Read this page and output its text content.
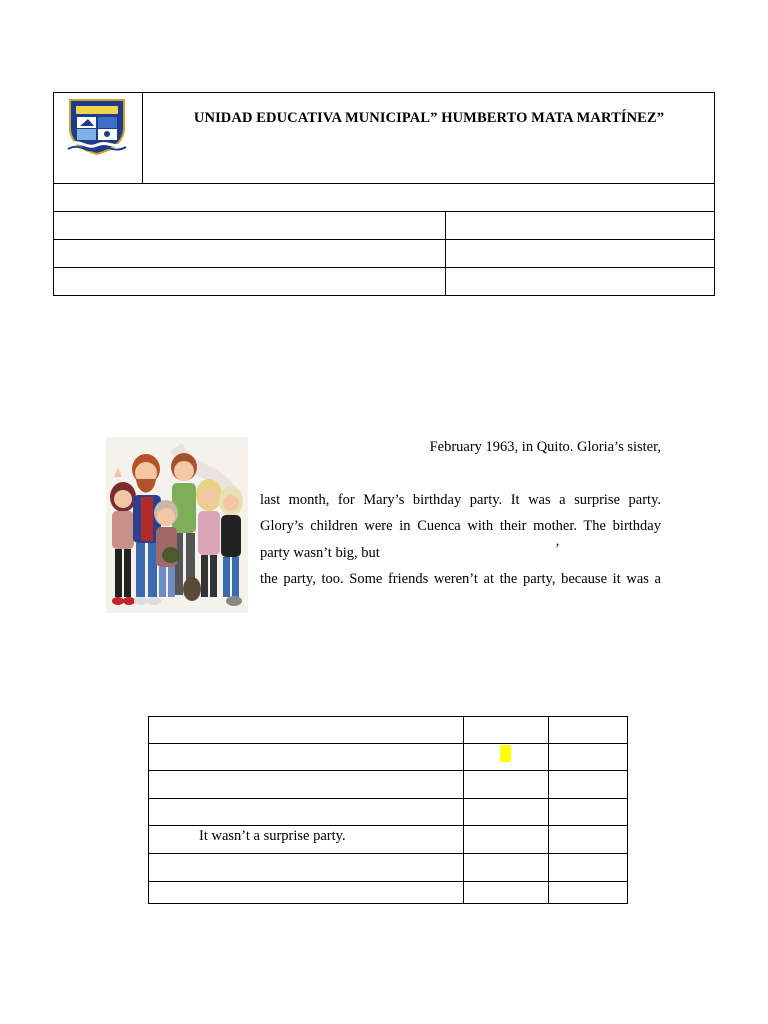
UNIDAD EDUCATIVA MUNICIPAL” HUMBERTO MATA MARTÍNEZ”
February 1963, in Quito. Gloria’s sister,
last month, for Mary’s birthday party. It was a surprise party.
Glory’s children were in Cuenca with their mother. The birthday
party wasn’t big, but	’
the party, too. Some friends weren’t at the party, because it was a
It wasn’t a surprise party.
